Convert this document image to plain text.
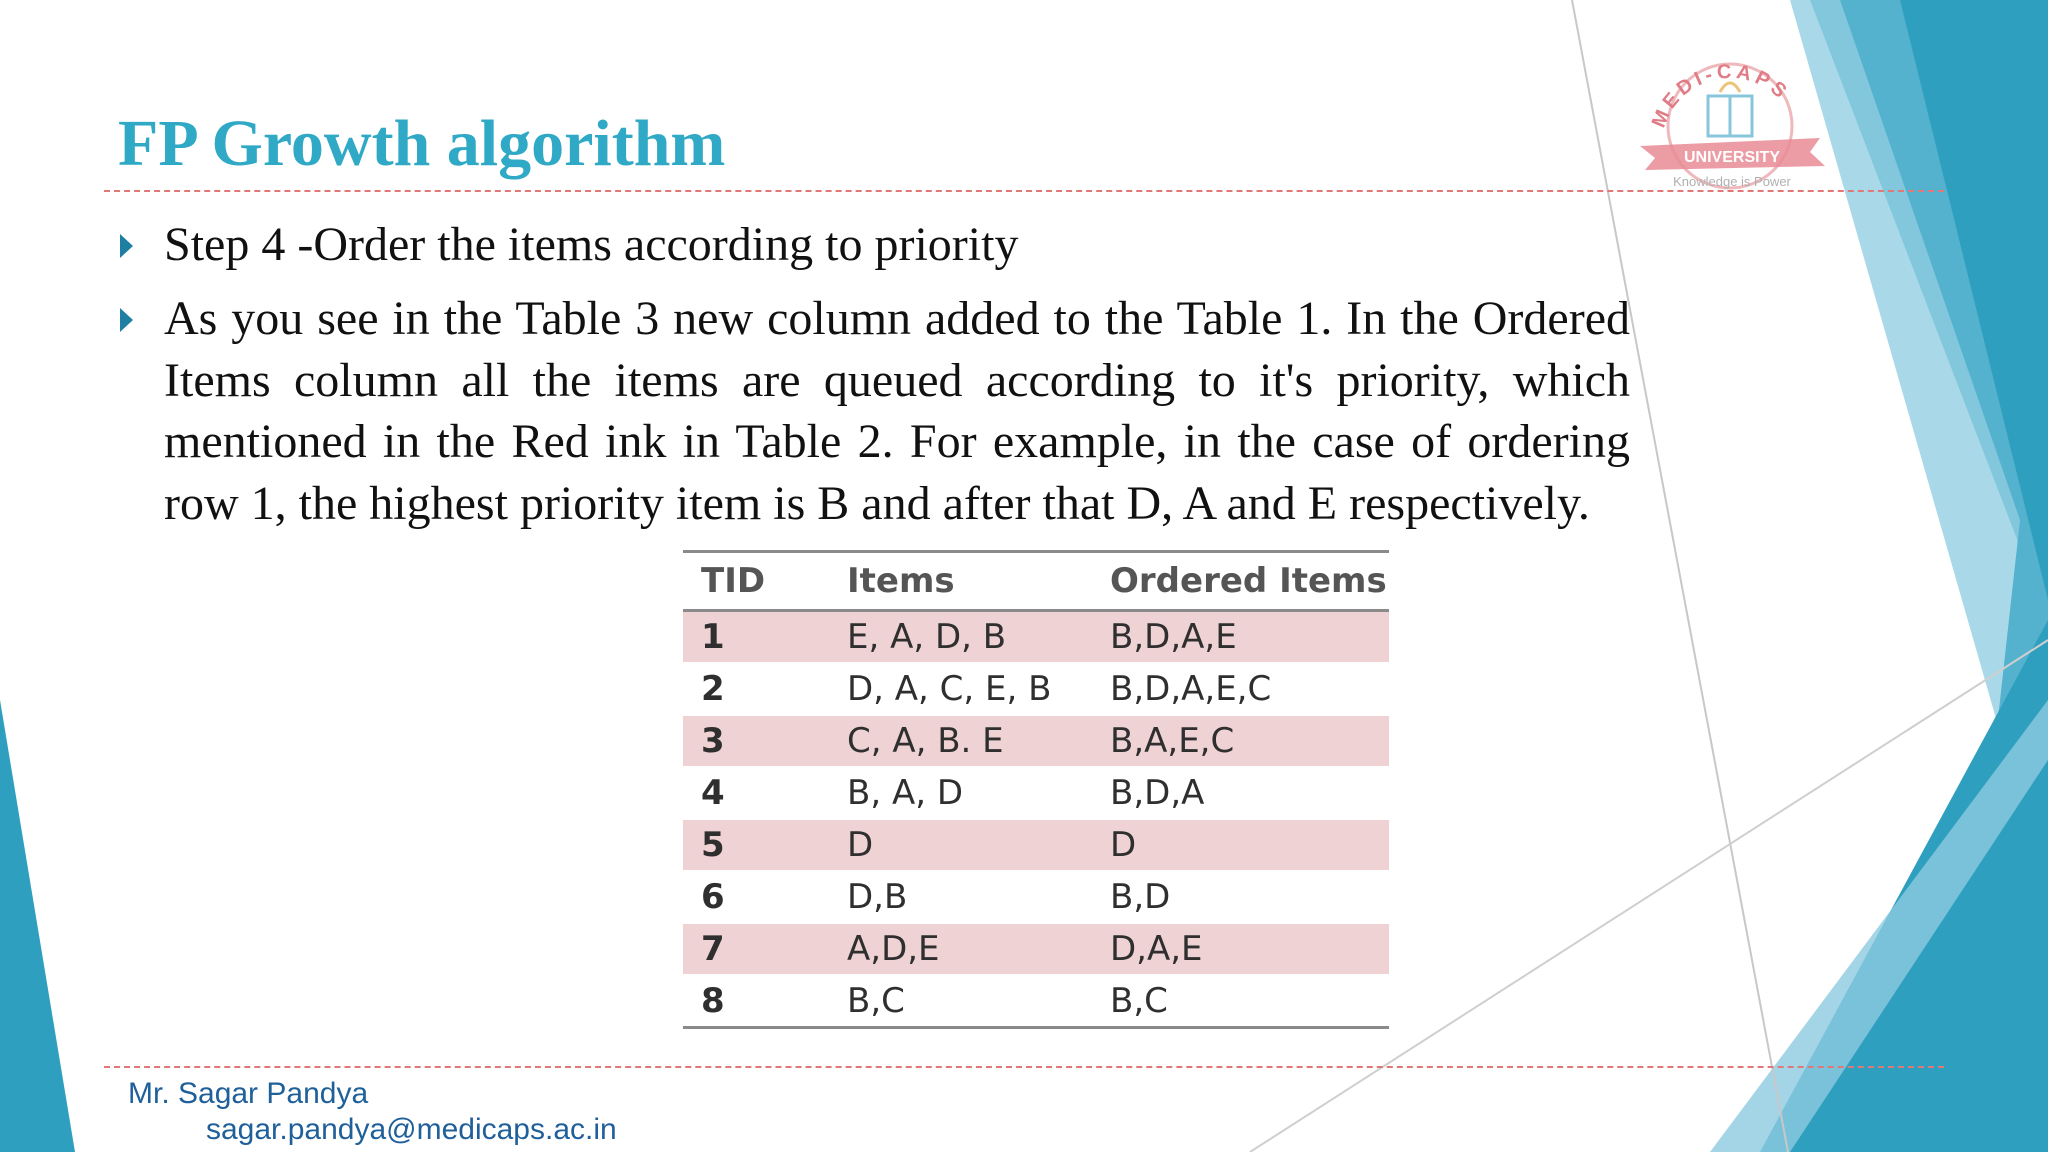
FP Growth algorithm
Step 4 -Order the items according to priority
As you see in the Table 3 new column added to the Table 1. In the Ordered Items column all the items are queued according to it's priority, which mentioned in the Red ink in Table 2. For example, in the case of ordering row 1, the highest priority item is B and after that D, A and E respectively.
TID	Items	Ordered Items
1	E, A, D, B	B,D,A,E
2	D, A, C, E, B	B,D,A,E,C
3	C, A, B. E	B,A,E,C
4	B, A, D	B,D,A
5	D	D
6	D,B	B,D
7	A,D,E	D,A,E
8	B,C	B,C
MEDI-CAPS
UNIVERSITY
Knowledge is Power
Mr. Sagar Pandya
sagar.pandya@medicaps.ac.in
